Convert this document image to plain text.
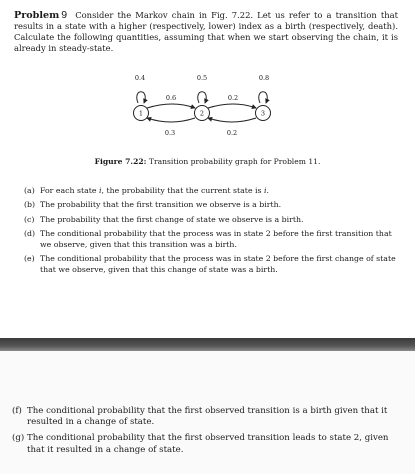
Problem 9 Consider the Markov chain in Fig. 7.22. Let us refer to a transition that results in a state with a higher (respectively, lower) index as a birth (respectively, death). Calculate the following quantities, assuming that when we start observing the chain, it is already in steady-state.
1	2	3
0.4	0.5	0.8
0.6	0.2
0.3	0.2
Figure 7.22: Transition probability graph for Problem 11.
(a) For each state i, the probability that the current state is i.
(b) The probability that the first transition we observe is a birth.
(c) The probability that the first change of state we observe is a birth.
(d) The conditional probability that the process was in state 2 before the first transition that we observe, given that this transition was a birth.
(e) The conditional probability that the process was in state 2 before the first change of state that we observe, given that this change of state was a birth.
(f) The conditional probability that the first observed transition is a birth given that it resulted in a change of state.
(g) The conditional probability that the first observed transition leads to state 2, given that it resulted in a change of state.
